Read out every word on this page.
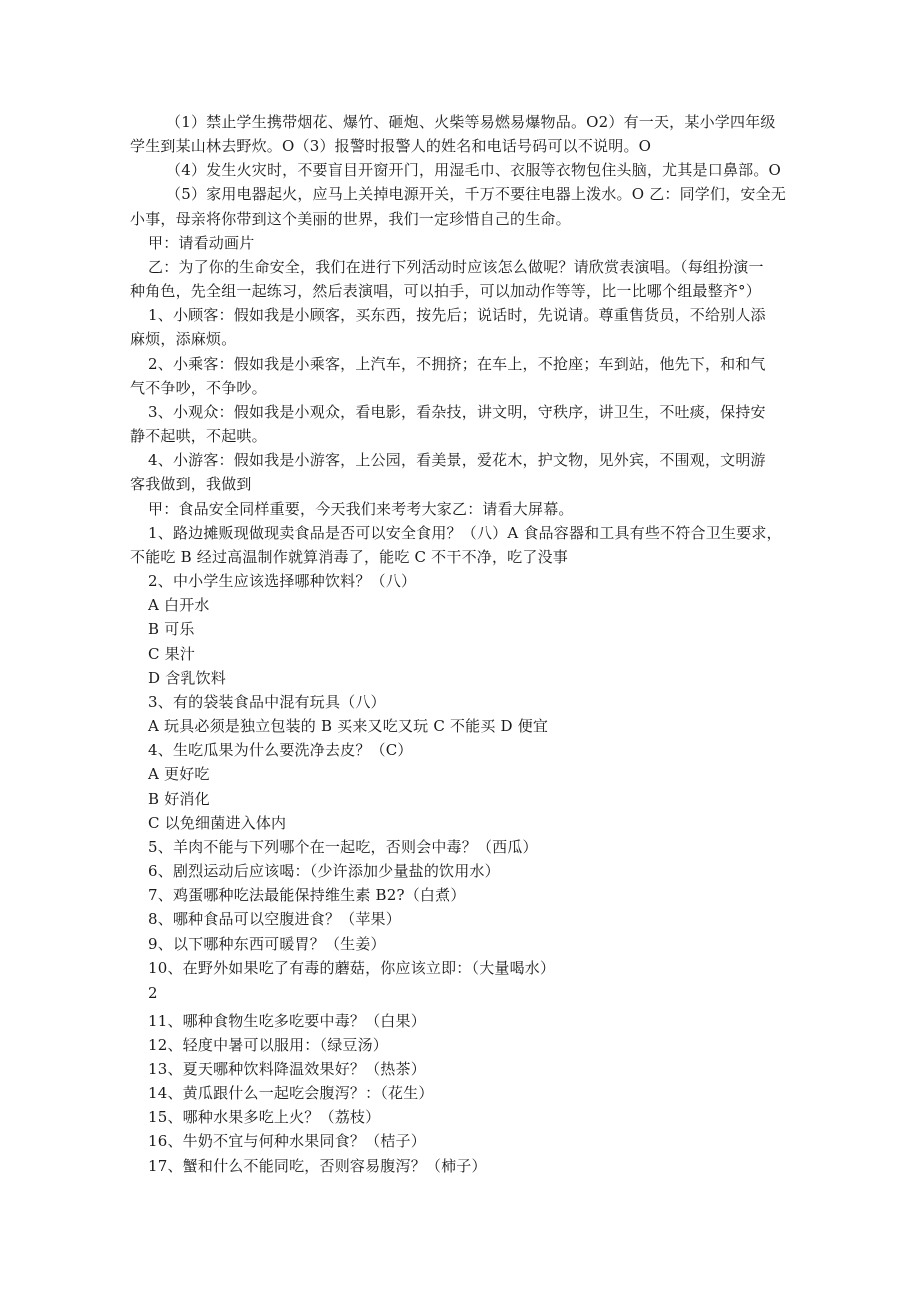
（1）禁止学生携带烟花、爆竹、砸炮、火柴等易燃易爆物品。O2）有一天，某小学四年级
学生到某山林去野炊。O（3）报警时报警人的姓名和电话号码可以不说明。O
（4）发生火灾时，不要盲目开窗开门，用湿毛巾、衣服等衣物包住头脑，尤其是口鼻部。O
（5）家用电器起火，应马上关掉电源开关，千万不要往电器上泼水。O 乙：同学们，安全无
小事，母亲将你带到这个美丽的世界，我们一定珍惜自己的生命。
甲：请看动画片
乙：为了你的生命安全，我们在进行下列活动时应该怎么做呢？请欣赏表演唱。（每组扮演一
种角色，先全组一起练习，然后表演唱，可以拍手，可以加动作等等，比一比哪个组最整齐°）
1、小顾客：假如我是小顾客，买东西，按先后；说话时，先说请。尊重售货员，不给别人添
麻烦，添麻烦。
2、小乘客：假如我是小乘客，上汽车，不拥挤；在车上，不抢座；车到站，他先下，和和气
气不争吵，不争吵。
3、小观众：假如我是小观众，看电影，看杂技，讲文明，守秩序，讲卫生，不吐痰，保持安
静不起哄，不起哄。
4、小游客：假如我是小游客，上公园，看美景，爱花木，护文物，见外宾，不围观，文明游
客我做到，我做到
甲：食品安全同样重要，今天我们来考考大家乙：请看大屏幕。
1、路边摊贩现做现卖食品是否可以安全食用？（八）A 食品容器和工具有些不符合卫生要求，
不能吃 B 经过高温制作就算消毒了，能吃 C 不干不净，吃了没事
2、中小学生应该选择哪种饮料？（八）
A 白开水
B 可乐
C 果汁
D 含乳饮料
3、有的袋装食品中混有玩具（八）
A 玩具必须是独立包装的 B 买来又吃又玩 C 不能买 D 便宜
4、生吃瓜果为什么要洗净去皮？（C）
A 更好吃
B 好消化
C 以免细菌进入体内
5、羊肉不能与下列哪个在一起吃，否则会中毒？（西瓜）
6、剧烈运动后应该喝：（少许添加少量盐的饮用水）
7、鸡蛋哪种吃法最能保持维生素 B2?（白煮）
8、哪种食品可以空腹进食？（苹果）
9、以下哪种东西可暖胃？（生姜）
10、在野外如果吃了有毒的蘑菇，你应该立即：（大量喝水）
2
11、哪种食物生吃多吃要中毒？（白果）
12、轻度中暑可以服用：（绿豆汤）
13、夏天哪种饮料降温效果好？（热茶）
14、黄瓜跟什么一起吃会腹泻？：（花生）
15、哪种水果多吃上火？（荔枝）
16、牛奶不宜与何种水果同食？（桔子）
17、蟹和什么不能同吃，否则容易腹泻？（柿子）
